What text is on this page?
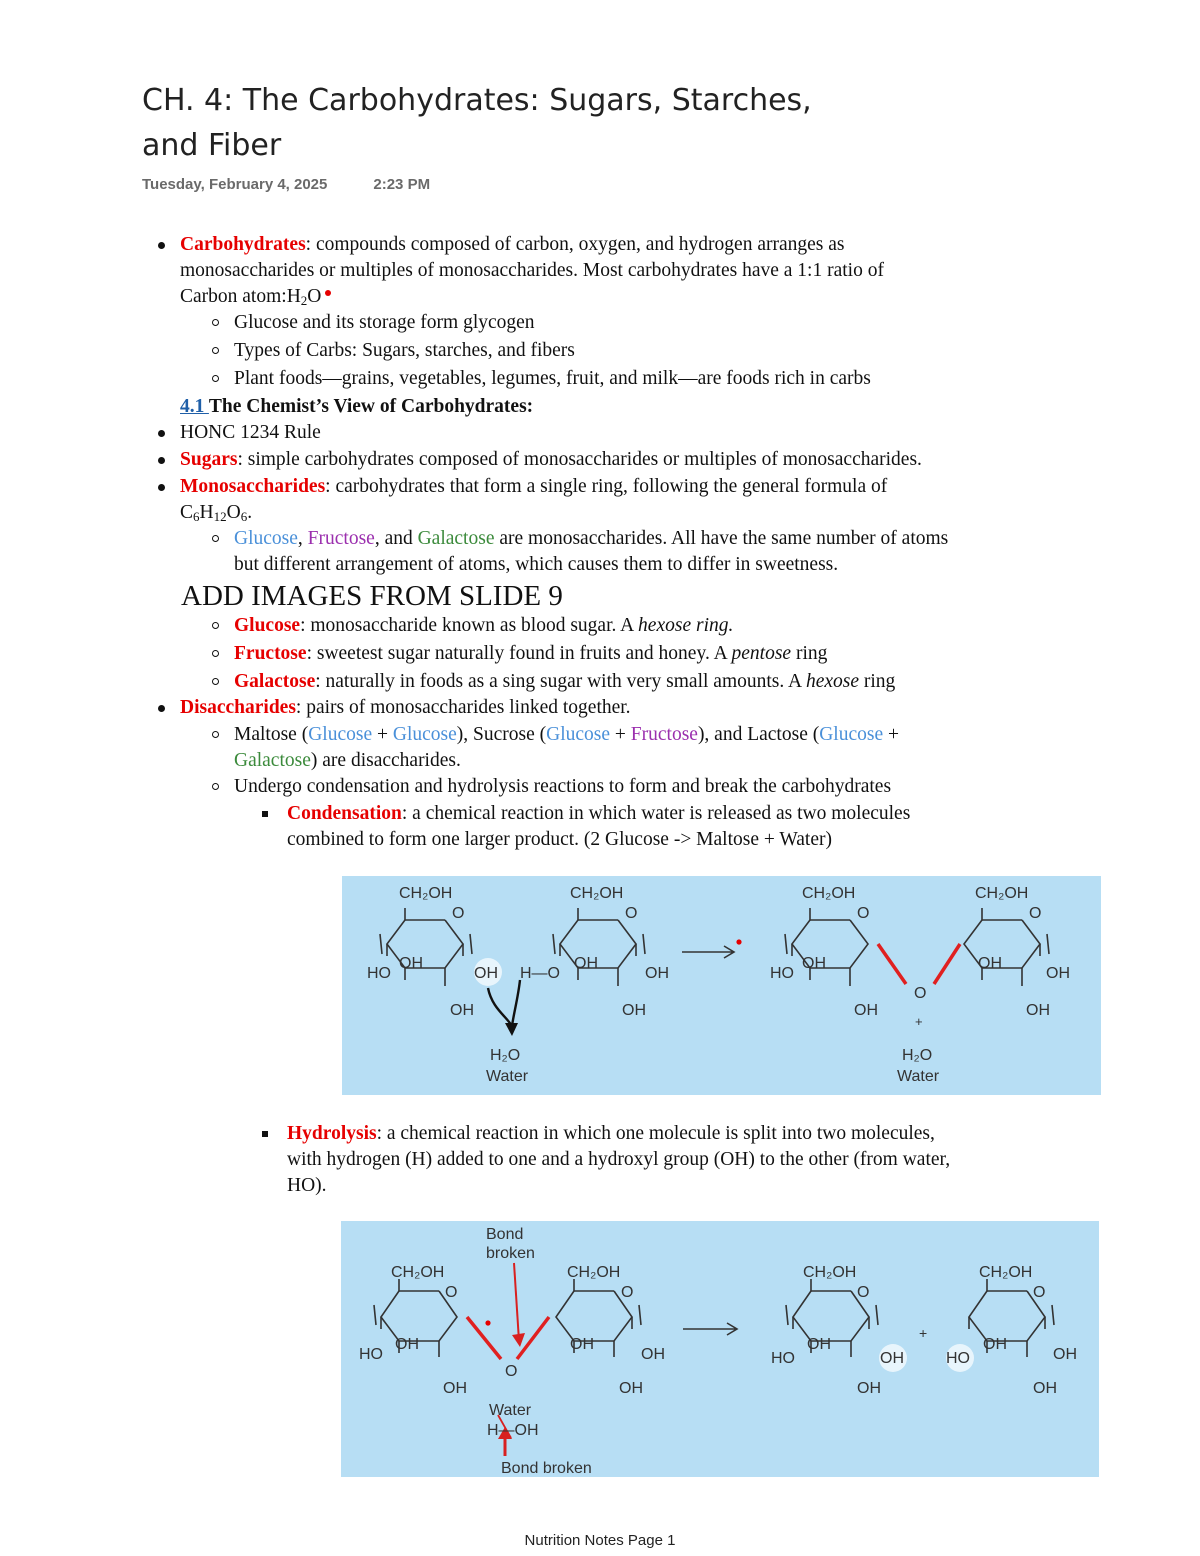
CH. 4: The Carbohydrates: Sugars, Starches,
and Fiber
Tuesday, February 4, 2025	2:23 PM
Carbohydrates: compounds composed of carbon, oxygen, and hydrogen arranges as
monosaccharides or multiples of monosaccharides. Most carbohydrates have a 1:1 ratio of
Carbon $atom:H_2O$
Glucose and its storage form glycogen
Types of Carbs: Sugars, starches, and fibers
Plant foods—grains, vegetables, legumes, fruit, and milk—are foods rich in carbs
4.1 The Chemist’s View of Carbohydrates:
HONC 1234 Rule
Sugars: simple carbohydrates composed of monosaccharides or multiples of monosaccharides.
Monosaccharides: carbohydrates that form a single ring, following the general formula of
$C_6H_{12}O_6$.
Glucose, Fructose, and Galactose are monosaccharides. All have the same number of atoms
but different arrangement of atoms, which causes them to differ in sweetness.
ADD IMAGES FROM SLIDE 9
Glucose: monosaccharide known as blood sugar. A hexose ring.
Fructose: sweetest sugar naturally found in fruits and honey. A pentose ring
Galactose: naturally in foods as a sing sugar with very small amounts. A hexose ring
Disaccharides: pairs of monosaccharides linked together.
Maltose (Glucose + Glucose), Sucrose (Glucose + Fructose), and Lactose (Glucose +
Galactose) are disaccharides.
Undergo condensation and hydrolysis reactions to form and break the carbohydrates
Condensation: a chemical reaction in which water is released as two molecules
combined to form one larger product. (2 Glucose -> Maltose + Water)
Hydrolysis: a chemical reaction in which one molecule is split into two molecules,
with hydrogen (H) added to one and a hydroxyl group (OH) to the other (from water,
HO).
CH₂OH
O
HO
OH
OH
OH
H—O
CH₂OH
O
OH
OH
OH
H₂O
Water
CH₂OH
O
HO
OH
OH
O
+
CH₂OH
O
OH
OH
OH
H₂O
Water
Bond
broken
CH₂OH
O
HO
OH
OH
O
CH₂OH
O
OH
OH
OH
Water
H—OH
Bond broken
CH₂OH
O
HO
OH
OH
OH
+
CH₂OH
O
HO
OH
OH
OH
Nutrition Notes Page 1
